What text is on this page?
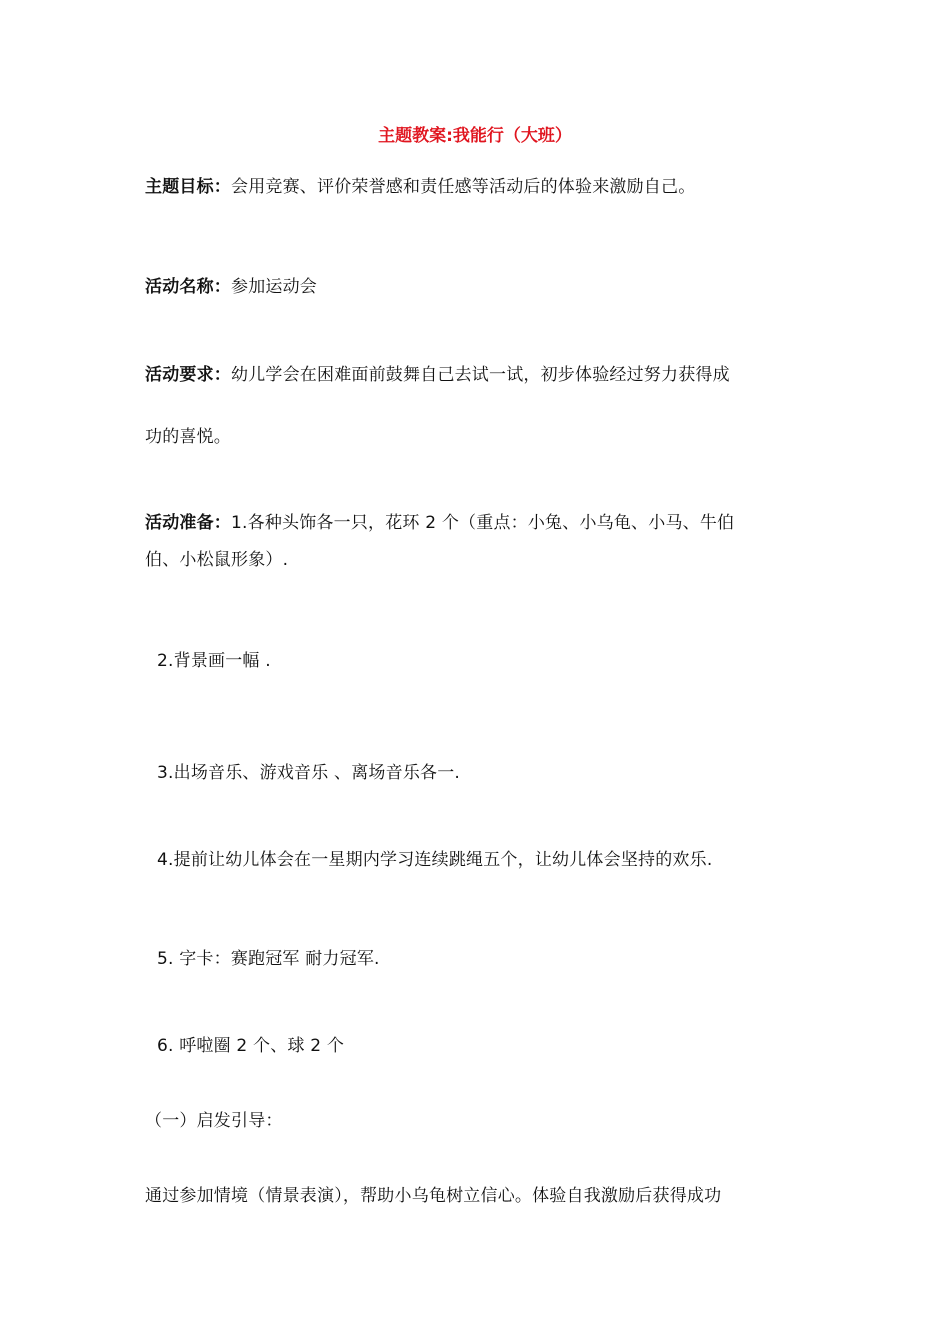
主题教案:我能行（大班）
主题目标：会用竞赛、评价荣誉感和责任感等活动后的体验来激励自己。
活动名称：参加运动会
活动要求：幼儿学会在困难面前鼓舞自己去试一试，初步体验经过努力获得成
功的喜悦。
活动准备：1.各种头饰各一只，花环 2 个（重点：小兔、小乌龟、小马、牛伯
伯、小松鼠形象）.
2.背景画一幅 .
3.出场音乐、游戏音乐 、离场音乐各一.
4.提前让幼儿体会在一星期内学习连续跳绳五个，让幼儿体会坚持的欢乐.
5. 字卡：赛跑冠军 耐力冠军.
6. 呼啦圈 2 个、球 2 个
（一）启发引导：
通过参加情境（情景表演），帮助小乌龟树立信心。体验自我激励后获得成功
